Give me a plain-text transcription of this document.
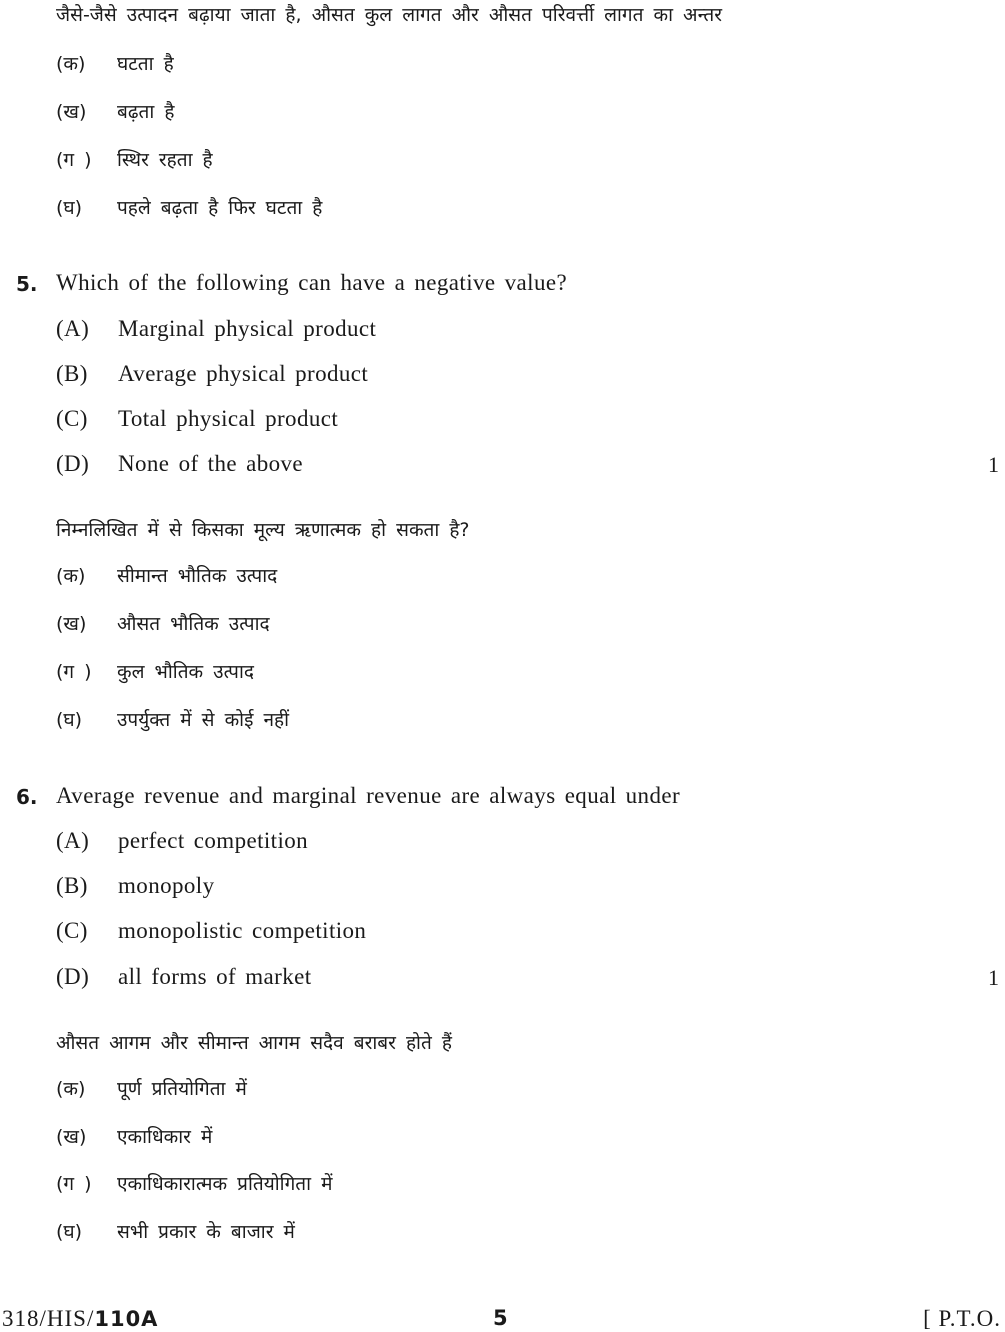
जैसे-जैसे उत्पादन बढ़ाया जाता है, औसत कुल लागत और औसत परिवर्त्ती लागत का अन्तर
(क) घटता है
(ख) बढ़ता है
(ग ) स्थिर रहता है
(घ) पहले बढ़ता है फिर घटता है
5. Which of the following can have a negative value?
(A) Marginal physical product
(B) Average physical product
(C) Total physical product
(D) None of the above	1
निम्नलिखित में से किसका मूल्य ऋणात्मक हो सकता है?
(क) सीमान्त भौतिक उत्पाद
(ख) औसत भौतिक उत्पाद
(ग ) कुल भौतिक उत्पाद
(घ) उपर्युक्त में से कोई नहीं
6. Average revenue and marginal revenue are always equal under
(A) perfect competition
(B) monopoly
(C) monopolistic competition
(D) all forms of market	1
औसत आगम और सीमान्त आगम सदैव बराबर होते हैं
(क) पूर्ण प्रतियोगिता में
(ख) एकाधिकार में
(ग ) एकाधिकारात्मक प्रतियोगिता में
(घ) सभी प्रकार के बाजार में
318/HIS/110A	5	[ P.T.O.
